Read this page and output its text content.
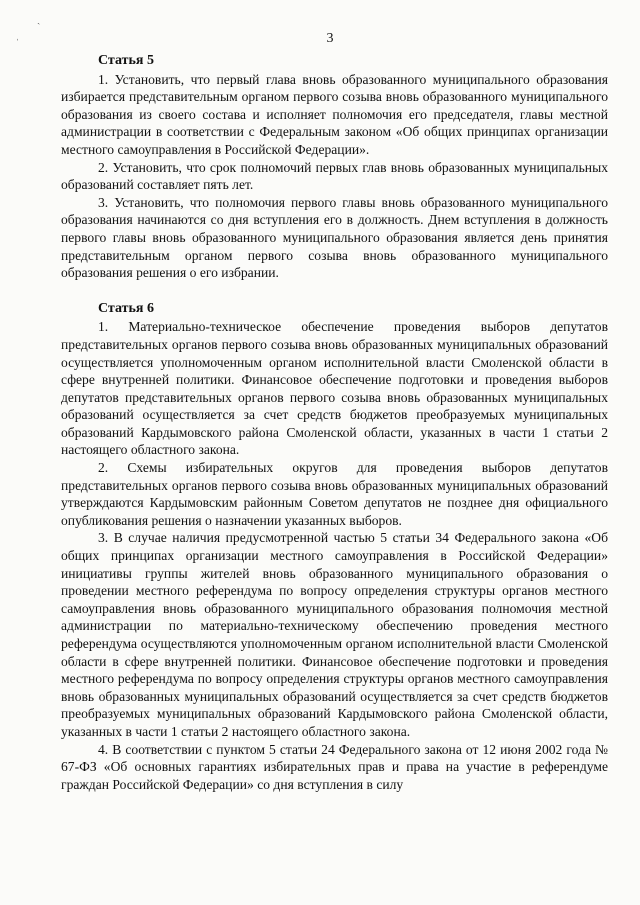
ˏ
ˈ	3
Статья 5

1. Установить, что первый глава вновь образованного муниципального образования избирается представительным органом первого созыва вновь образованного муниципального образования из своего состава и исполняет полномочия его председателя, главы местной администрации в соответствии с Федеральным законом «Об общих принципах организации местного самоуправления в Российской Федерации».

2. Установить, что срок полномочий первых глав вновь образованных муниципальных образований составляет пять лет.

3. Установить, что полномочия первого главы вновь образованного муниципального образования начинаются со дня вступления его в должность. Днем вступления в должность первого главы вновь образованного муниципального образования является день принятия представительным органом первого созыва вновь образованного муниципального образования решения о его избрании.

Статья 6

1. Материально-техническое обеспечение проведения выборов депутатов представительных органов первого созыва вновь образованных муниципальных образований осуществляется уполномоченным органом исполнительной власти Смоленской области в сфере внутренней политики. Финансовое обеспечение подготовки и проведения выборов депутатов представительных органов первого созыва вновь образованных муниципальных образований осуществляется за счет средств бюджетов преобразуемых муниципальных образований Кардымовского района Смоленской области, указанных в части 1 статьи 2 настоящего областного закона.

2. Схемы избирательных округов для проведения выборов депутатов представительных органов первого созыва вновь образованных муниципальных образований утверждаются Кардымовским районным Советом депутатов не позднее дня официального опубликования решения о назначении указанных выборов.

3. В случае наличия предусмотренной частью 5 статьи 34 Федерального закона «Об общих принципах организации местного самоуправления в Российской Федерации» инициативы группы жителей вновь образованного муниципального образования о проведении местного референдума по вопросу определения структуры органов местного самоуправления вновь образованного муниципального образования полномочия местной администрации по материально-техническому обеспечению проведения местного референдума осуществляются уполномоченным органом исполнительной власти Смоленской области в сфере внутренней политики. Финансовое обеспечение подготовки и проведения местного референдума по вопросу определения структуры органов местного самоуправления вновь образованных муниципальных образований осуществляется за счет средств бюджетов преобразуемых муниципальных образований Кардымовского района Смоленской области, указанных в части 1 статьи 2 настоящего областного закона.

4. В соответствии с пунктом 5 статьи 24 Федерального закона от 12 июня 2002 года № 67-ФЗ «Об основных гарантиях избирательных прав и права на участие в референдуме граждан Российской Федерации» со дня вступления в силу
